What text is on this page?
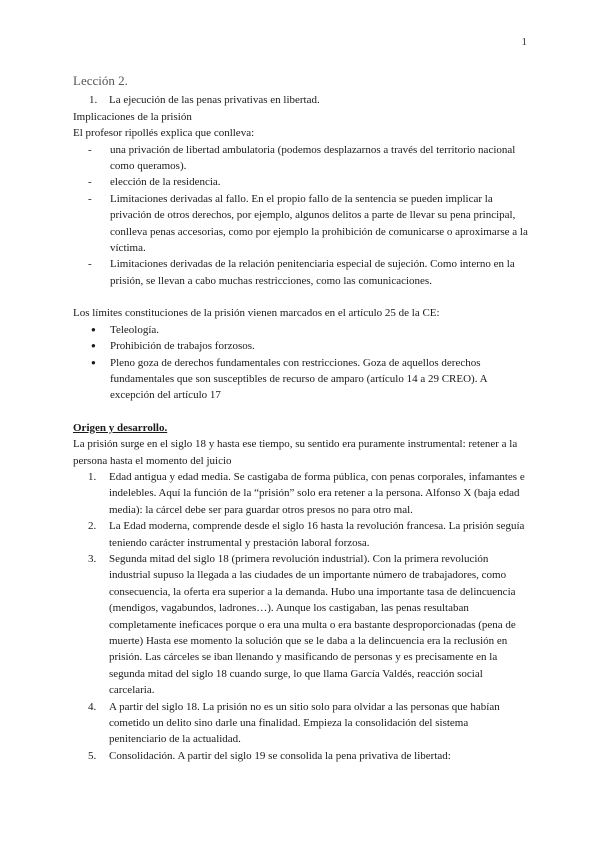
1
Lección 2.
1.	La ejecución de las penas privativas en libertad.

Implicaciones de la prisión

El profesor ripollés explica que conlleva:

- una privación de libertad ambulatoria (podemos desplazarnos a través del territorio nacional como queramos).
- elección de la residencia.
- Limitaciones derivadas al fallo. En el propio fallo de la sentencia se pueden implicar la privación de otros derechos, por ejemplo, algunos delitos a parte de llevar su pena principal, conlleva penas accesorias, como por ejemplo la prohibición de comunicarse o aproximarse a la víctima.
- Limitaciones derivadas de la relación penitenciaria especial de sujeción. Como interno en la prisión, se llevan a cabo muchas restricciones, como las comunicaciones.

Los límites constituciones de la prisión vienen marcados en el artículo 25 de la CE:

● Teleología.
● Prohibición de trabajos forzosos.
● Pleno goza de derechos fundamentales con restricciones. Goza de aquellos derechos fundamentales que son susceptibles de recurso de amparo (artículo 14 a 29 CREO). A excepción del artículo 17

Origen y desarrollo.

La prisión surge en el siglo 18 y hasta ese tiempo, su sentido era puramente instrumental: retener a la persona hasta el momento del juicio

1. Edad antigua y edad media. Se castigaba de forma pública, con penas corporales, infamantes e indelebles. Aquí la función de la “prisión” solo era retener a la persona. Alfonso X (baja edad media): la cárcel debe ser para guardar otros presos no para otro mal.
2. La Edad moderna, comprende desde el siglo 16 hasta la revolución francesa. La prisión seguía teniendo carácter instrumental y prestación laboral forzosa.
3. Segunda mitad del siglo 18 (primera revolución industrial). Con la primera revolución industrial supuso la llegada a las ciudades de un importante número de trabajadores, como consecuencia, la oferta era superior a la demanda. Hubo una importante tasa de delincuencia (mendigos, vagabundos, ladrones…). Aunque los castigaban, las penas resultaban completamente ineficaces porque o era una multa o era bastante desproporcionadas (pena de muerte) Hasta ese momento la solución que se le daba a la delincuencia era la reclusión en prisión. Las cárceles se iban llenando y masificando de personas y es precisamente en la segunda mitad del siglo 18 cuando surge, lo que llama García Valdés, reacción social carcelaria.
4. A partir del siglo 18. La prisión no es un sitio solo para olvidar a las personas que habían cometido un delito sino darle una finalidad. Empieza la consolidación del sistema penitenciario de la actualidad.
5. Consolidación. A partir del siglo 19 se consolida la pena privativa de libertad:
